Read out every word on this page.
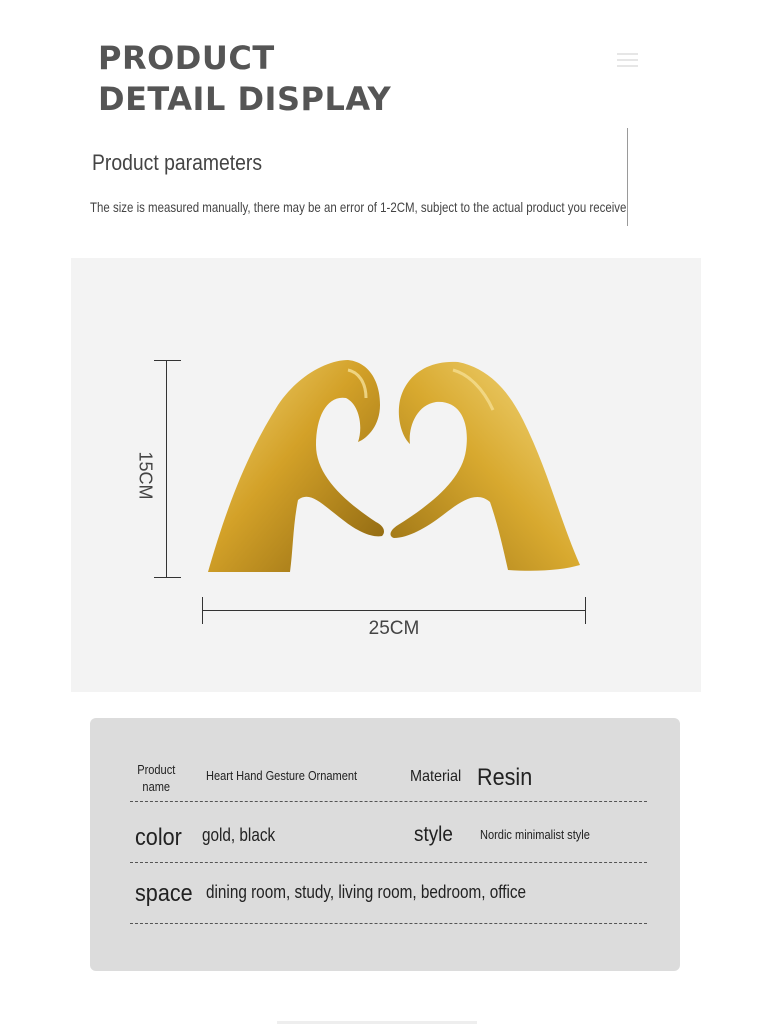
PRODUCT
DETAIL DISPLAY
Product parameters

The size is measured manually, there may be an error of 1-2CM, subject to the actual product you receive

15CM
25CM
Product name
Heart Hand Gesture Ornament	Material Resin
color gold, black	style Nordic minimalist style
space dining room, study, living room, bedroom, office
